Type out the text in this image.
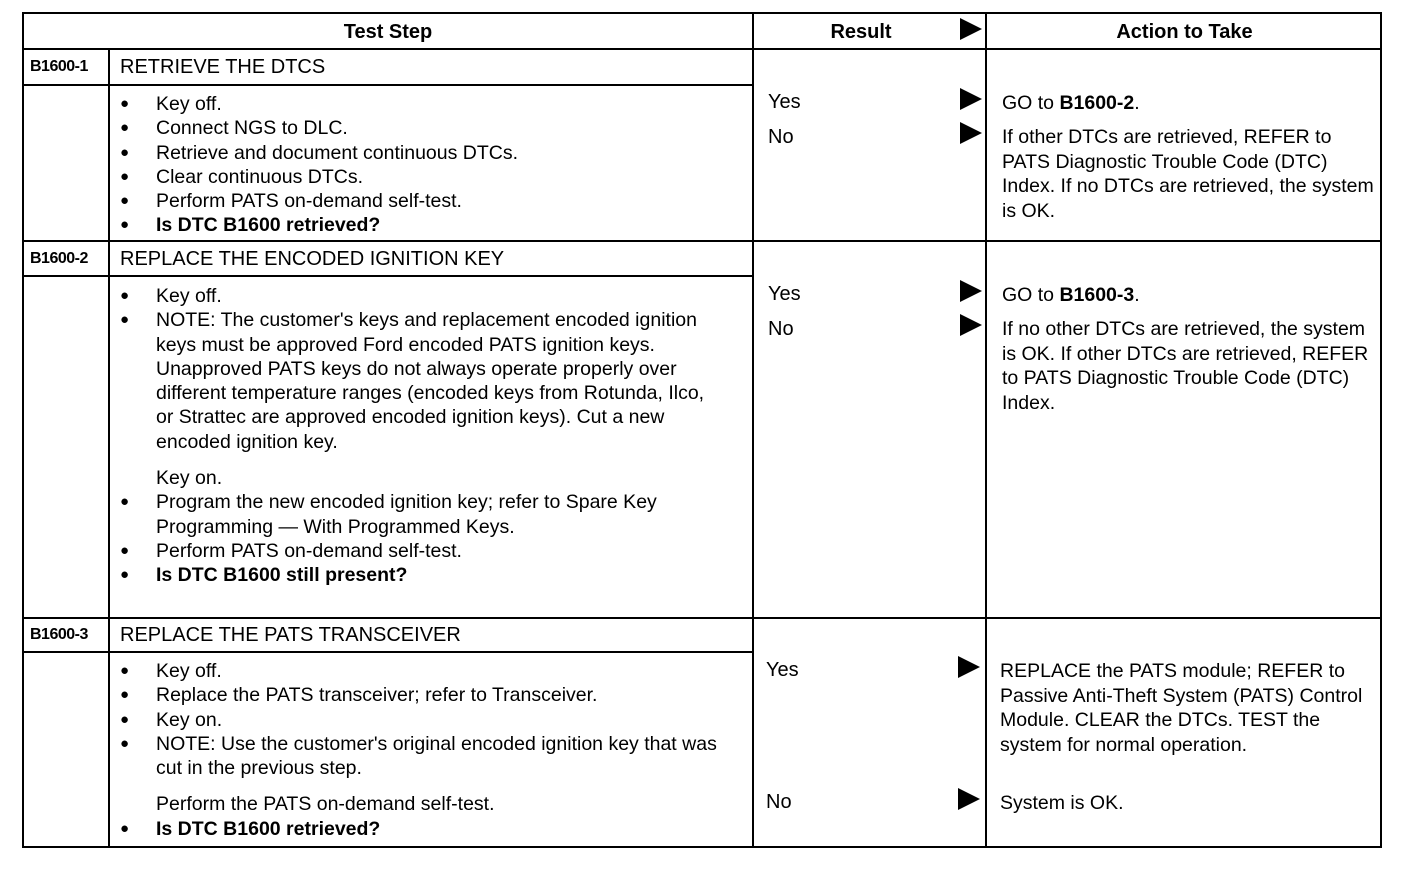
Test Step	Result	Action to Take
B1600-1 RETRIEVE THE DTCS
● Key off.
● Connect NGS to DLC.
● Retrieve and document continuous DTCs.
● Clear continuous DTCs.
● Perform PATS on-demand self-test.
● Is DTC B1600 retrieved?
Yes	GO to B1600-2.
No	If other DTCs are retrieved, REFER to PATS Diagnostic Trouble Code (DTC) Index. If no DTCs are retrieved, the system is OK.
B1600-2 REPLACE THE ENCODED IGNITION KEY
● Key off.
● NOTE: The customer's keys and replacement encoded ignition keys must be approved Ford encoded PATS ignition keys. Unapproved PATS keys do not always operate properly over different temperature ranges (encoded keys from Rotunda, Ilco, or Strattec are approved encoded ignition keys). Cut a new encoded ignition key.
Key on.
● Program the new encoded ignition key; refer to Spare Key Programming — With Programmed Keys.
● Perform PATS on-demand self-test.
● Is DTC B1600 still present?
Yes	GO to B1600-3.
No	If no other DTCs are retrieved, the system is OK. If other DTCs are retrieved, REFER to PATS Diagnostic Trouble Code (DTC) Index.
B1600-3 REPLACE THE PATS TRANSCEIVER
● Key off.
● Replace the PATS transceiver; refer to Transceiver.
● Key on.
● NOTE: Use the customer's original encoded ignition key that was cut in the previous step.
Perform the PATS on-demand self-test.
● Is DTC B1600 retrieved?
Yes	REPLACE the PATS module; REFER to Passive Anti-Theft System (PATS) Control Module. CLEAR the DTCs. TEST the system for normal operation.
No	System is OK.
